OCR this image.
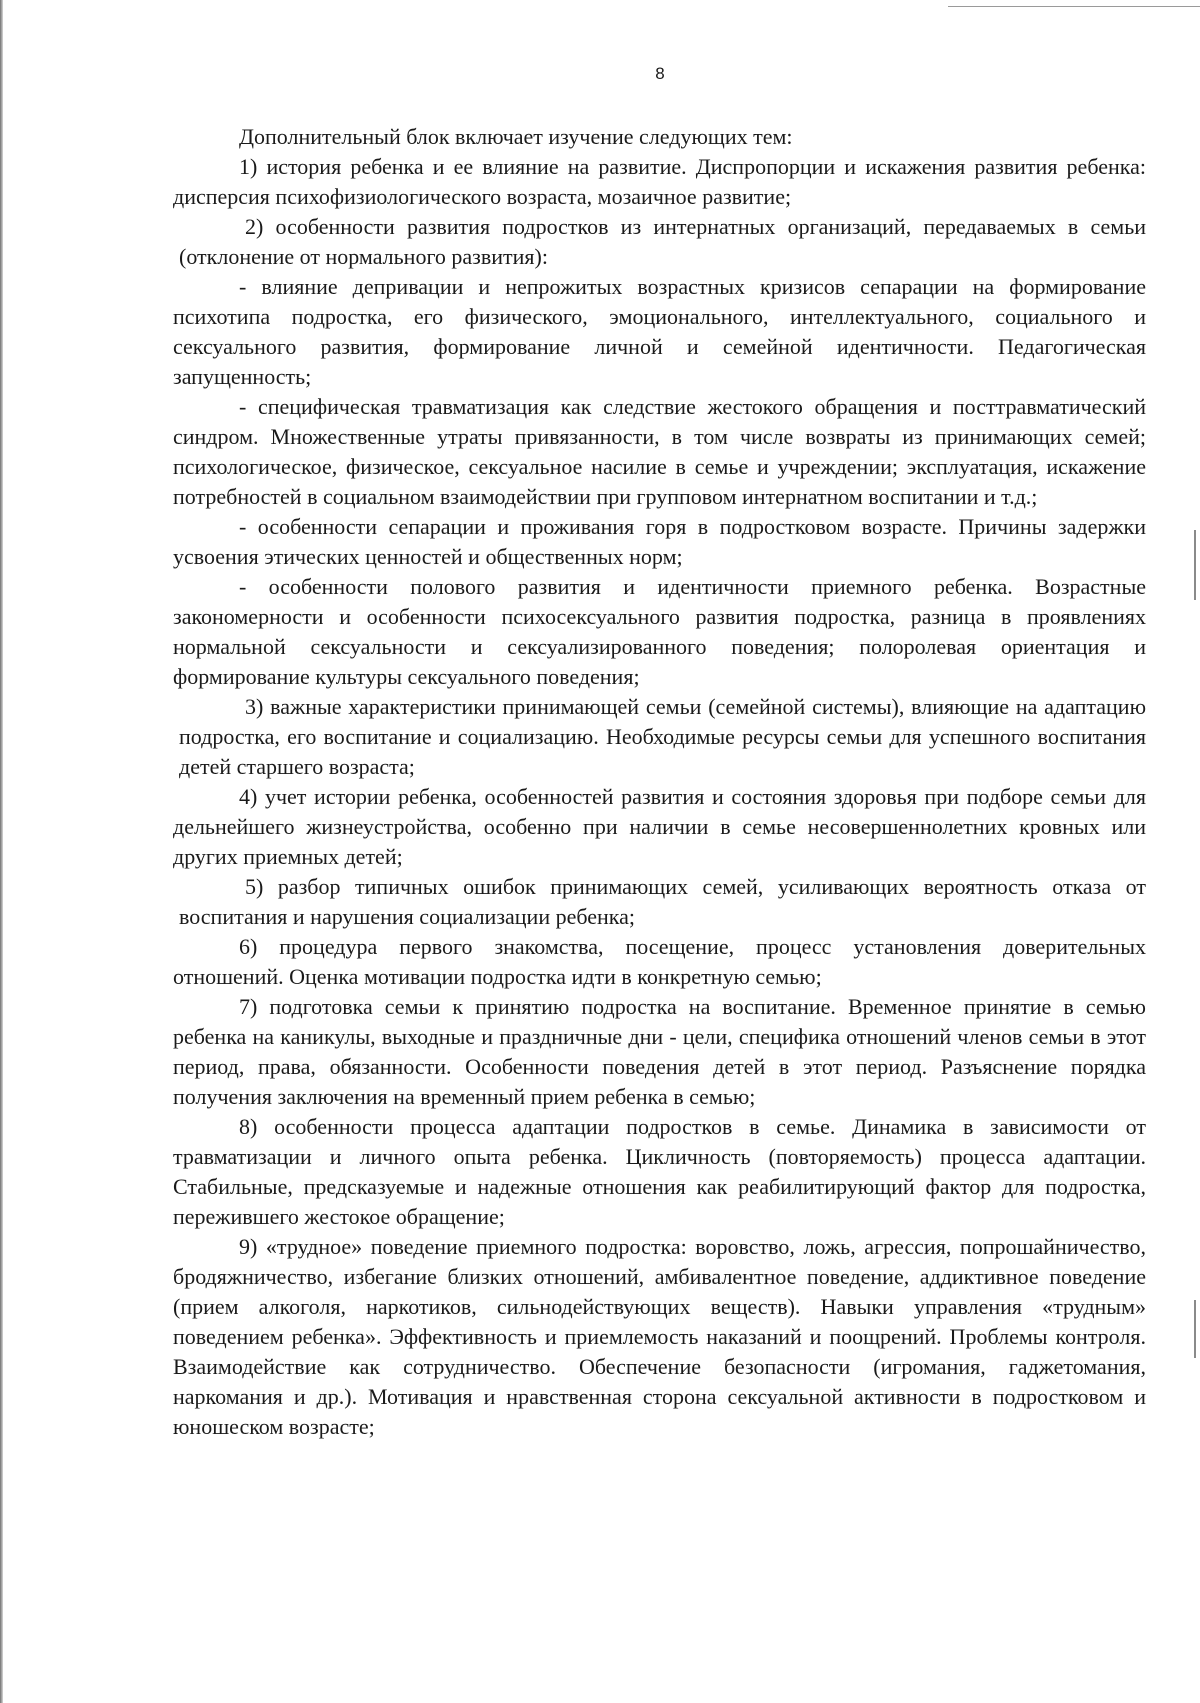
8

Дополнительный блок включает изучение следующих тем:

1) история ребенка и ее влияние на развитие. Диспропорции и искажения развития ребенка: дисперсия психофизиологического возраста, мозаичное развитие;

2) особенности развития подростков из интернатных организаций, передаваемых в семьи (отклонение от нормального развития):

- влияние депривации и непрожитых возрастных кризисов сепарации на формирование психотипа подростка, его физического, эмоционального, интеллектуального, социального и сексуального развития, формирование личной и семейной идентичности. Педагогическая запущенность;

- специфическая травматизация как следствие жестокого обращения и посттравматический синдром. Множественные утраты привязанности, в том числе возвраты из принимающих семей; психологическое, физическое, сексуальное насилие в семье и учреждении; эксплуатация, искажение потребностей в социальном взаимодействии при групповом интернатном воспитании и т.д.;

- особенности сепарации и проживания горя в подростковом возрасте. Причины задержки усвоения этических ценностей и общественных норм;

- особенности полового развития и идентичности приемного ребенка. Возрастные закономерности и особенности психосексуального развития подростка, разница в проявлениях нормальной сексуальности и сексуализированного поведения; полоролевая ориентация и формирование культуры сексуального поведения;

3) важные характеристики принимающей семьи (семейной системы), влияющие на адаптацию подростка, его воспитание и социализацию. Необходимые ресурсы семьи для успешного воспитания детей старшего возраста;

4) учет истории ребенка, особенностей развития и состояния здоровья при подборе семьи для дельнейшего жизнеустройства, особенно при наличии в семье несовершеннолетних кровных или других приемных детей;

5) разбор типичных ошибок принимающих семей, усиливающих вероятность отказа от воспитания и нарушения социализации ребенка;

6) процедура первого знакомства, посещение, процесс установления доверительных отношений. Оценка мотивации подростка идти в конкретную семью;

7) подготовка семьи к принятию подростка на воспитание. Временное принятие в семью ребенка на каникулы, выходные и праздничные дни - цели, специфика отношений членов семьи в этот период, права, обязанности. Особенности поведения детей в этот период. Разъяснение порядка получения заключения на временный прием ребенка в семью;

8) особенности процесса адаптации подростков в семье. Динамика в зависимости от травматизации и личного опыта ребенка. Цикличность (повторяемость) процесса адаптации. Стабильные, предсказуемые и надежные отношения как реабилитирующий фактор для подростка, пережившего жестокое обращение;

9) «трудное» поведение приемного подростка: воровство, ложь, агрессия, попрошайничество, бродяжничество, избегание близких отношений, амбивалентное поведение, аддиктивное поведение (прием алкоголя, наркотиков, сильнодействующих веществ). Навыки управления «трудным» поведением ребенка». Эффективность и приемлемость наказаний и поощрений. Проблемы контроля. Взаимодействие как сотрудничество. Обеспечение безопасности (игромания, гаджетомания, наркомания и др.). Мотивация и нравственная сторона сексуальной активности в подростковом и юношеском возрасте;
